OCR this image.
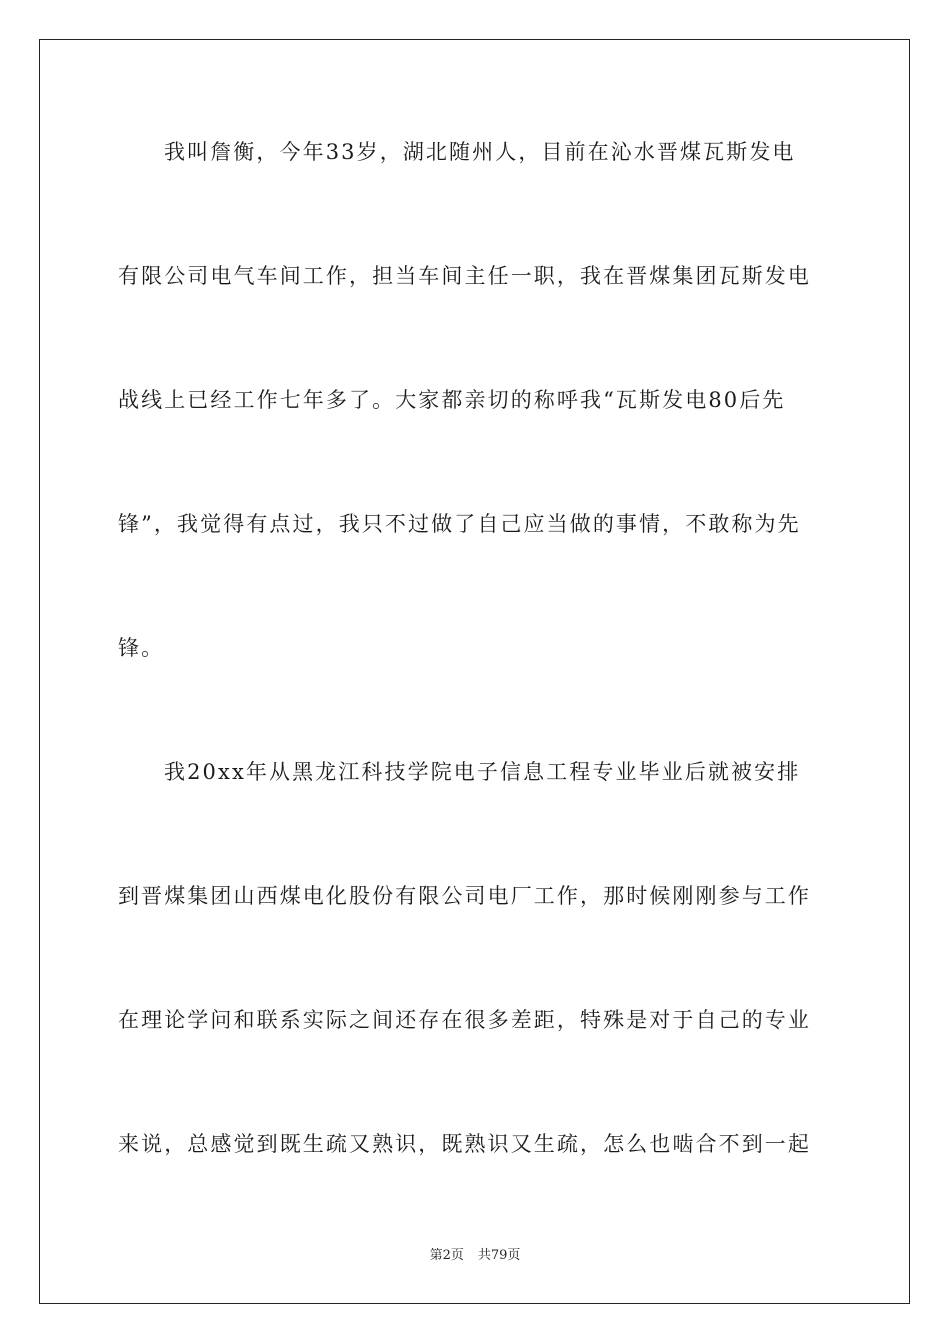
我叫詹衡，今年33岁，湖北随州人，目前在沁水晋煤瓦斯发电
有限公司电气车间工作，担当车间主任一职，我在晋煤集团瓦斯发电
战线上已经工作七年多了。大家都亲切的称呼我“瓦斯发电80后先
锋”，我觉得有点过，我只不过做了自己应当做的事情，不敢称为先
锋。
我20xx年从黑龙江科技学院电子信息工程专业毕业后就被安排
到晋煤集团山西煤电化股份有限公司电厂工作，那时候刚刚参与工作
在理论学问和联系实际之间还存在很多差距，特殊是对于自己的专业
来说，总感觉到既生疏又熟识，既熟识又生疏，怎么也啮合不到一起
第2页 共79页
